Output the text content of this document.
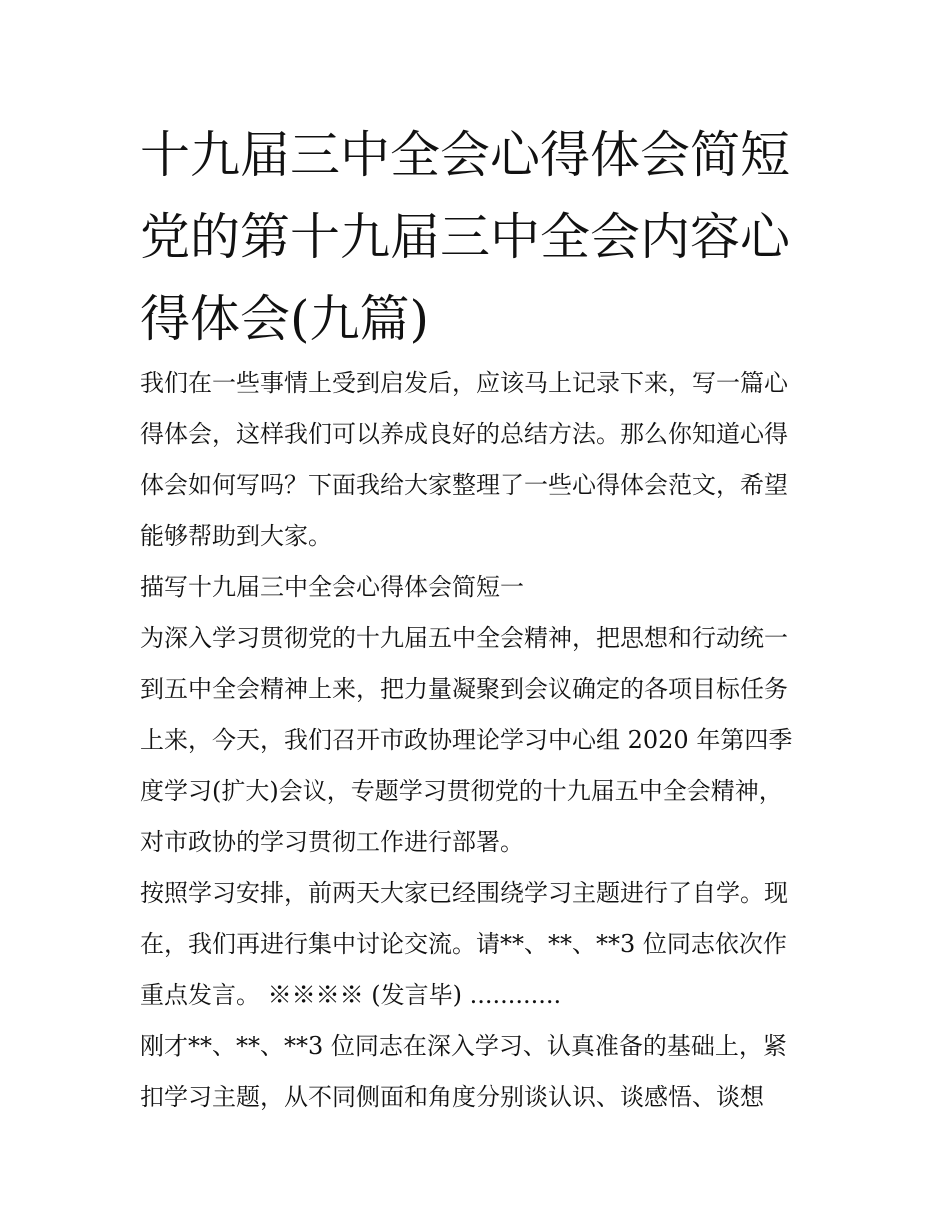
十九届三中全会心得体会简短
党的第十九届三中全会内容心
得体会(九篇)
我们在一些事情上受到启发后，应该马上记录下来，写一篇心
得体会，这样我们可以养成良好的总结方法。那么你知道心得
体会如何写吗？下面我给大家整理了一些心得体会范文，希望
能够帮助到大家。
描写十九届三中全会心得体会简短一
为深入学习贯彻党的十九届五中全会精神，把思想和行动统一
到五中全会精神上来，把力量凝聚到会议确定的各项目标任务
上来，今天，我们召开市政协理论学习中心组 2020 年第四季
度学习(扩大)会议，专题学习贯彻党的十九届五中全会精神，
对市政协的学习贯彻工作进行部署。
按照学习安排，前两天大家已经围绕学习主题进行了自学。现
在，我们再进行集中讨论交流。请**、**、**3 位同志依次作
重点发言。 ※※※※ (发言毕) ............
刚才**、**、**3 位同志在深入学习、认真准备的基础上，紧
扣学习主题，从不同侧面和角度分别谈认识、谈感悟、谈想
